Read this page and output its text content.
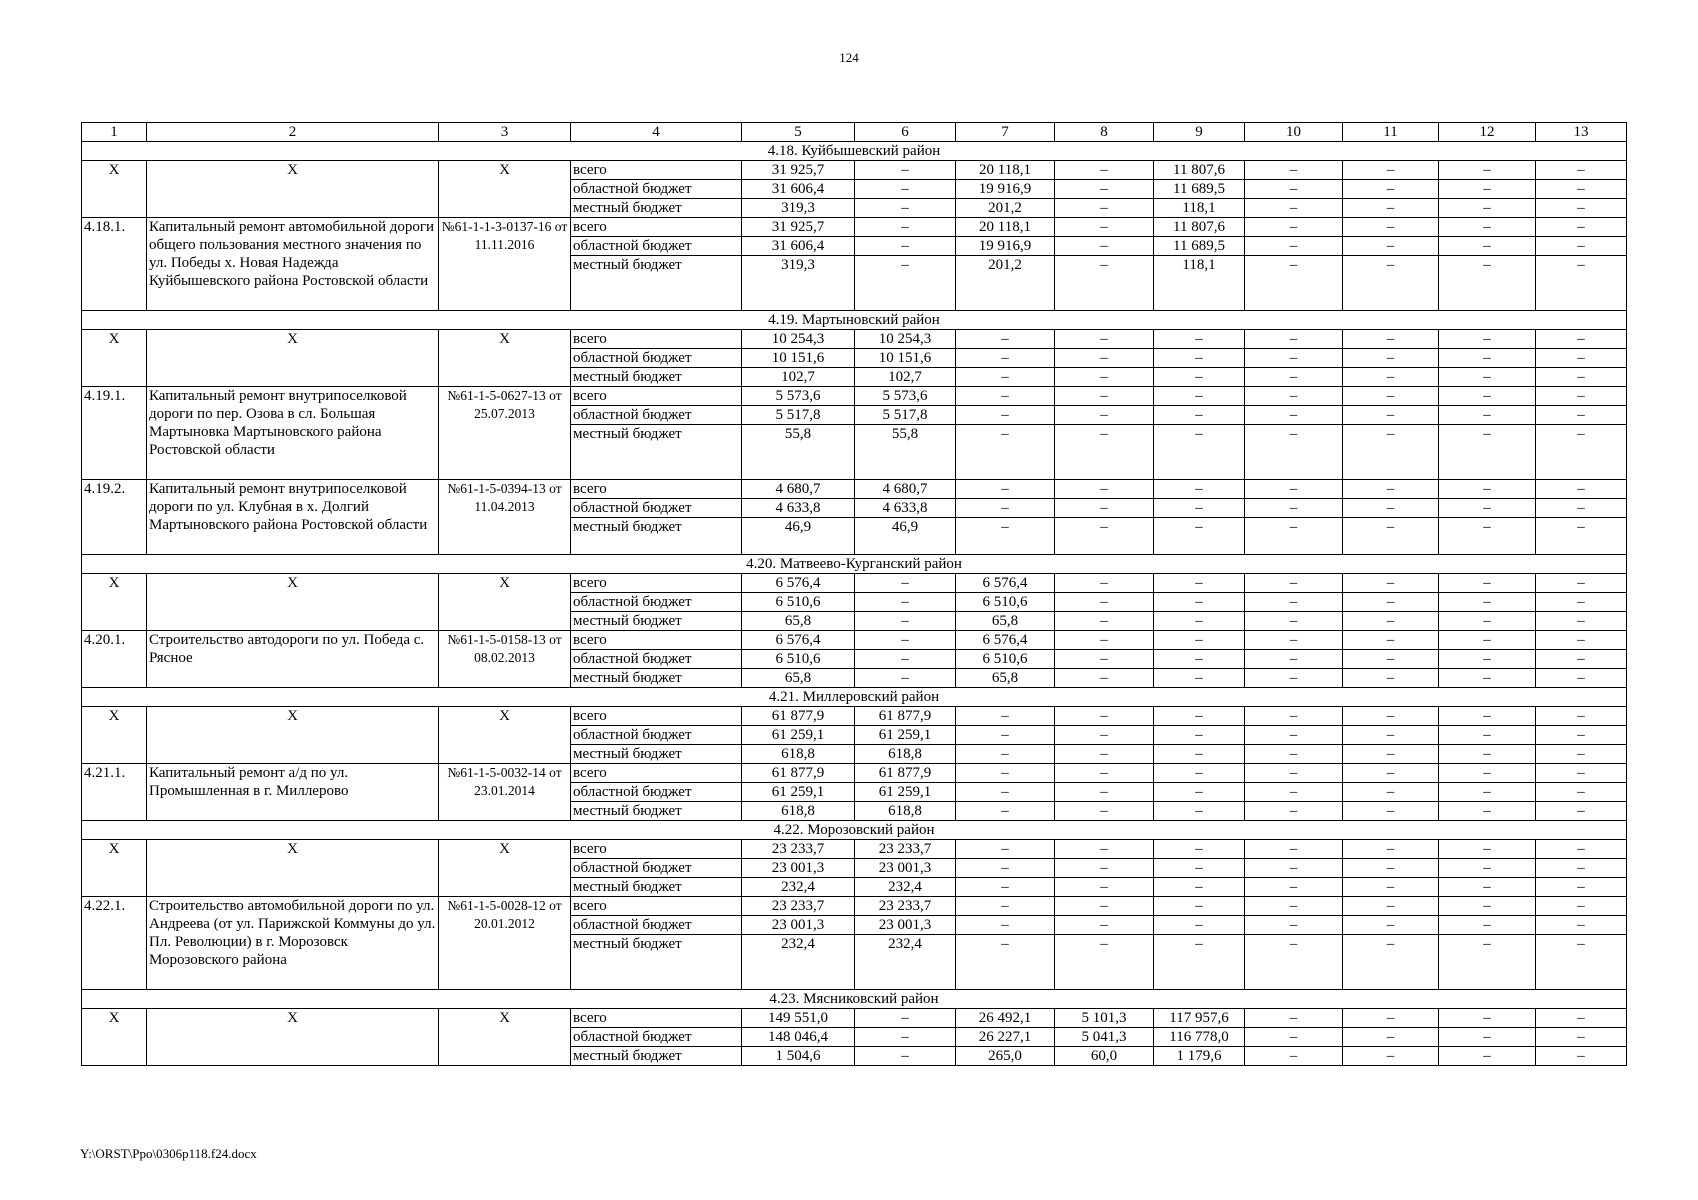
124
1	2	3	4	5	6	7	8	9	10	11	12	13
4.18. Куйбышевский район												
Х	Х	Х	всего	31 925,7	–	20 118,1	–	11 807,6	–	–	–	–
			областной бюджет	31 606,4	–	19 916,9	–	11 689,5	–	–	–	–
			местный бюджет	319,3	–	201,2	–	118,1	–	–	–	–
4.18.1.	Капитальный ремонт автомобильной дороги общего пользования местного значения по ул. Победы х. Новая Надежда Куйбышевского района Ростовской области	№61-1-1-3-0137-16 от 11.11.2016	всего	31 925,7	–	20 118,1	–	11 807,6	–	–	–	–
			областной бюджет	31 606,4	–	19 916,9	–	11 689,5	–	–	–	–
			местный бюджет	319,3	–	201,2	–	118,1	–	–	–	–
4.19. Мартыновский район												
Х	Х	Х	всего	10 254,3	10 254,3	–	–	–	–	–	–	–
			областной бюджет	10 151,6	10 151,6	–	–	–	–	–	–	–
			местный бюджет	102,7	102,7	–	–	–	–	–	–	–
4.19.1.	Капитальный ремонт внутрипоселковой дороги по пер. Озова в сл. Большая Мартыновка Мартыновского района Ростовской области	№61-1-5-0627-13 от 25.07.2013	всего	5 573,6	5 573,6	–	–	–	–	–	–	–
			областной бюджет	5 517,8	5 517,8	–	–	–	–	–	–	–
			местный бюджет	55,8	55,8	–	–	–	–	–	–	–
4.19.2.	Капитальный ремонт внутрипоселковой дороги по ул. Клубная в х. Долгий Мартыновского района Ростовской области	№61-1-5-0394-13 от 11.04.2013	всего	4 680,7	4 680,7	–	–	–	–	–	–	–
			областной бюджет	4 633,8	4 633,8	–	–	–	–	–	–	–
			местный бюджет	46,9	46,9	–	–	–	–	–	–	–
4.20. Матвеево-Курганский район												
Х	Х	Х	всего	6 576,4	–	6 576,4	–	–	–	–	–	–
			областной бюджет	6 510,6	–	6 510,6	–	–	–	–	–	–
			местный бюджет	65,8	–	65,8	–	–	–	–	–	–
4.20.1.	Строительство автодороги по ул. Победа с. Рясное	№61-1-5-0158-13 от 08.02.2013	всего	6 576,4	–	6 576,4	–	–	–	–	–	–
			областной бюджет	6 510,6	–	6 510,6	–	–	–	–	–	–
			местный бюджет	65,8	–	65,8	–	–	–	–	–	–
4.21. Миллеровский район												
Х	Х	Х	всего	61 877,9	61 877,9	–	–	–	–	–	–	–
			областной бюджет	61 259,1	61 259,1	–	–	–	–	–	–	–
			местный бюджет	618,8	618,8	–	–	–	–	–	–	–
4.21.1.	Капитальный ремонт а/д по ул. Промышленная в г. Миллерово	№61-1-5-0032-14 от 23.01.2014	всего	61 877,9	61 877,9	–	–	–	–	–	–	–
			областной бюджет	61 259,1	61 259,1	–	–	–	–	–	–	–
			местный бюджет	618,8	618,8	–	–	–	–	–	–	–
4.22. Морозовский район												
Х	Х	Х	всего	23 233,7	23 233,7	–	–	–	–	–	–	–
			областной бюджет	23 001,3	23 001,3	–	–	–	–	–	–	–
			местный бюджет	232,4	232,4	–	–	–	–	–	–	–
4.22.1.	Строительство автомобильной дороги по ул. Андреева (от ул. Парижской Коммуны до ул. Пл. Революции) в г. Морозовск Морозовского района	№61-1-5-0028-12 от 20.01.2012	всего	23 233,7	23 233,7	–	–	–	–	–	–	–
			областной бюджет	23 001,3	23 001,3	–	–	–	–	–	–	–
			местный бюджет	232,4	232,4	–	–	–	–	–	–	–
4.23. Мясниковский район												
Х	Х	Х	всего	149 551,0	–	26 492,1	5 101,3	117 957,6	–	–	–	–
			областной бюджет	148 046,4	–	26 227,1	5 041,3	116 778,0	–	–	–	–
			местный бюджет	1 504,6	–	265,0	60,0	1 179,6	–	–	–	–
Y:\ORST\Ppo\0306p118.f24.docx
